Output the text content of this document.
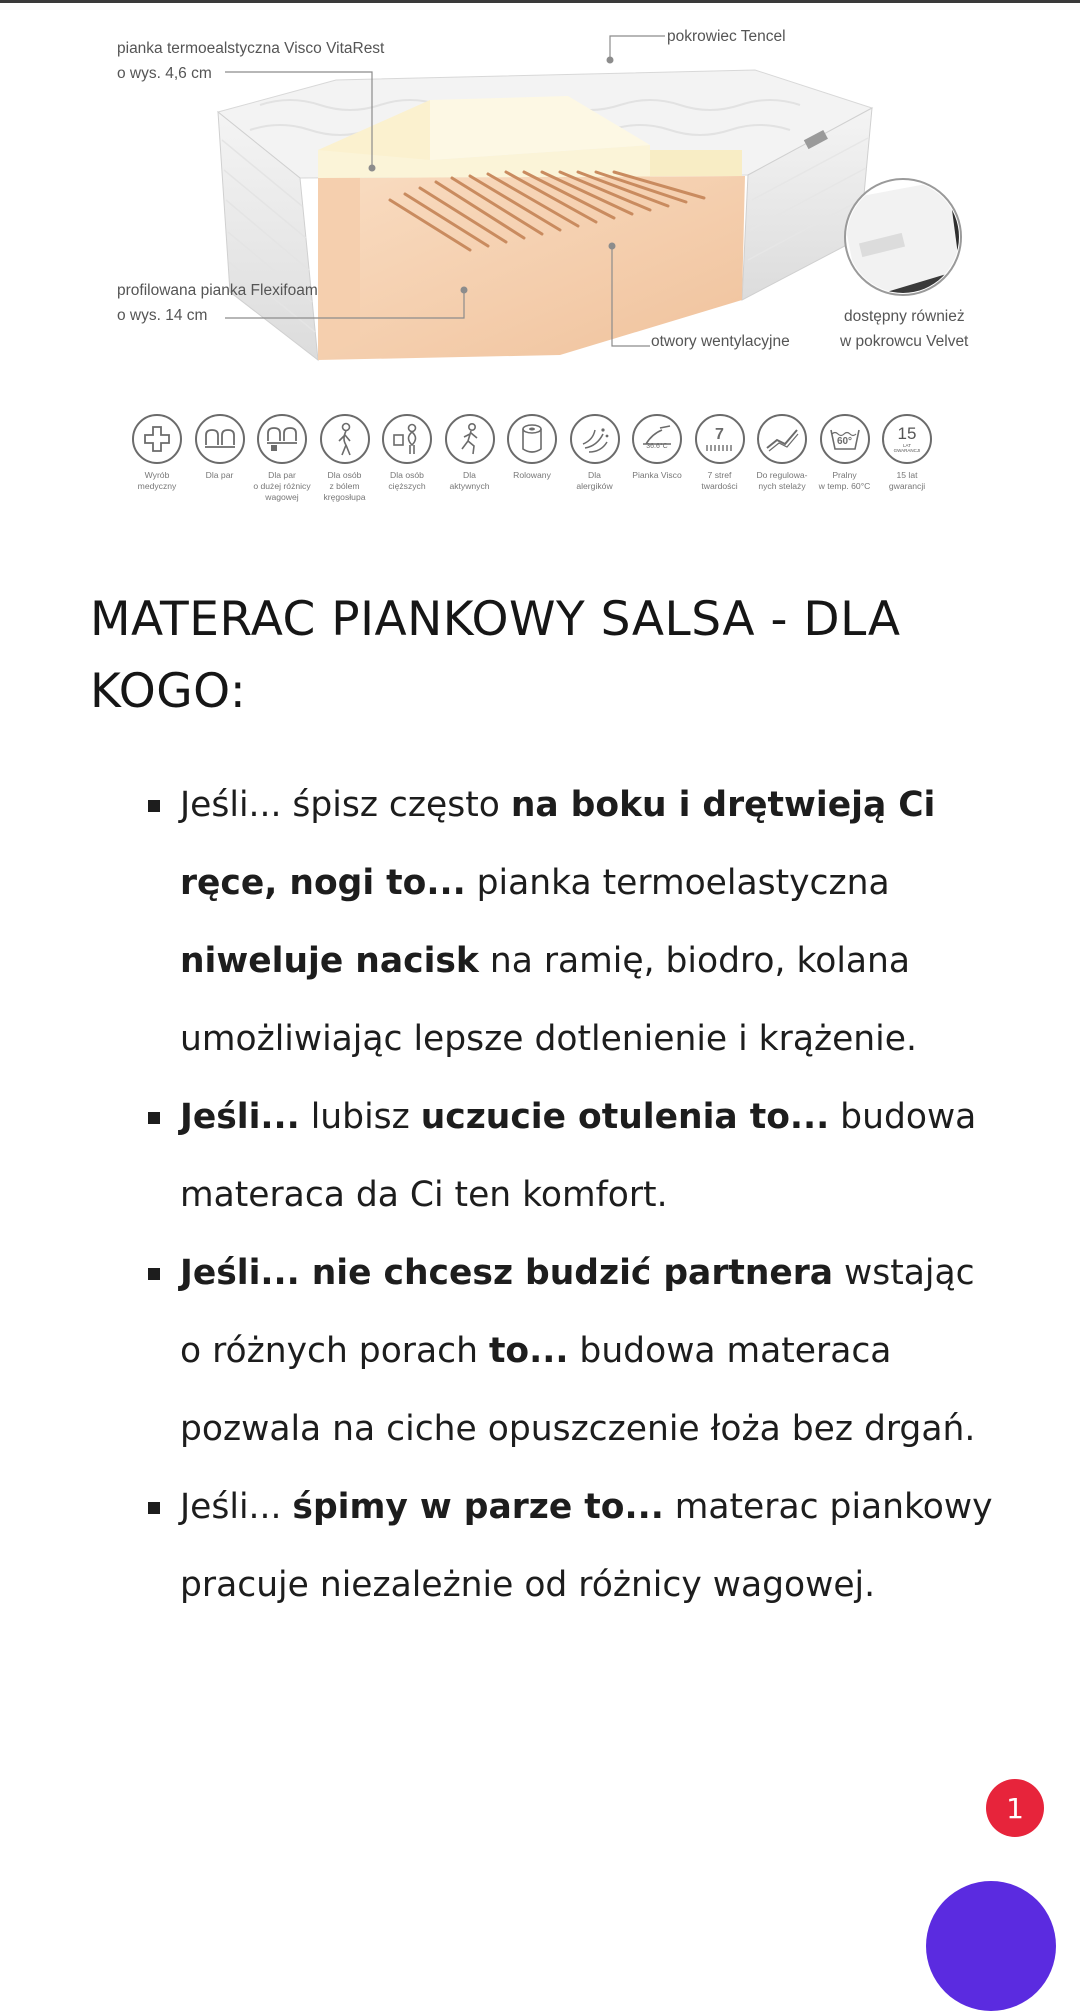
pianka termoealstyczna Visco VitaRest
o wys. 4,6 cm
pokrowiec Tencel
profilowana pianka Flexifoam
o wys. 14 cm
otwory wentylacyjne
dostępny również
w pokrowcu Velvet
Wyrób
medyczny
Dla par	Dla par
o dużej różnicy
wagowej
Dla osób
z bólem
kręgosłupa
Dla osób
cięższych
Dla
aktywnych
Rolowany	Dla
alergików
36.6°C
Pianka Visco
7
7 stref
twardości
Do regulowa-
nych stelaży
60°
Pralny
w temp. 60°C
15
LAT
GWARANCJI
15 lat
gwarancji
MATERAC PIANKOWY SALSA - DLA
KOGO:
Jeśli... śpisz często na boku i drętwieją Ci ręce, nogi to... pianka termoelastyczna niweluje nacisk na ramię, biodro, kolana umożliwiając lepsze dotlenienie i krążenie.
Jeśli... lubisz uczucie otulenia to... budowa materaca da Ci ten komfort.
Jeśli... nie chcesz budzić partnera wstając o różnych porach to... budowa materaca pozwala na ciche opuszczenie łoża bez drgań.
Jeśli... śpimy w parze to... materac piankowy pracuje niezależnie od różnicy wagowej.
1
